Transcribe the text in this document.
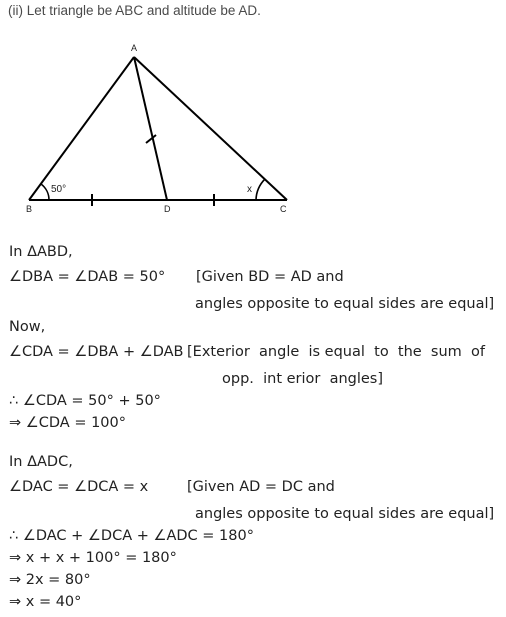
(ii) Let triangle be ABC and altitude be AD.
A
B	D	C
50°	x
In ΔABD,
∠DBA = ∠DAB = 50° [Given BD = AD and
angles opposite to equal sides are equal]
Now,
∠CDA = ∠DBA + ∠DAB [Exterior  angle  is equal  to  the  sum  of
opp.  int erior  angles]
∴ ∠CDA = 50° + 50°
⇒ ∠CDA = 100°
In ΔADC,
∠DAC = ∠DCA = x	[Given AD = DC and
angles opposite to equal sides are equal]
∴ ∠DAC + ∠DCA + ∠ADC = 180°
⇒ x + x + 100° = 180°
⇒ 2x = 80°
⇒ x = 40°
